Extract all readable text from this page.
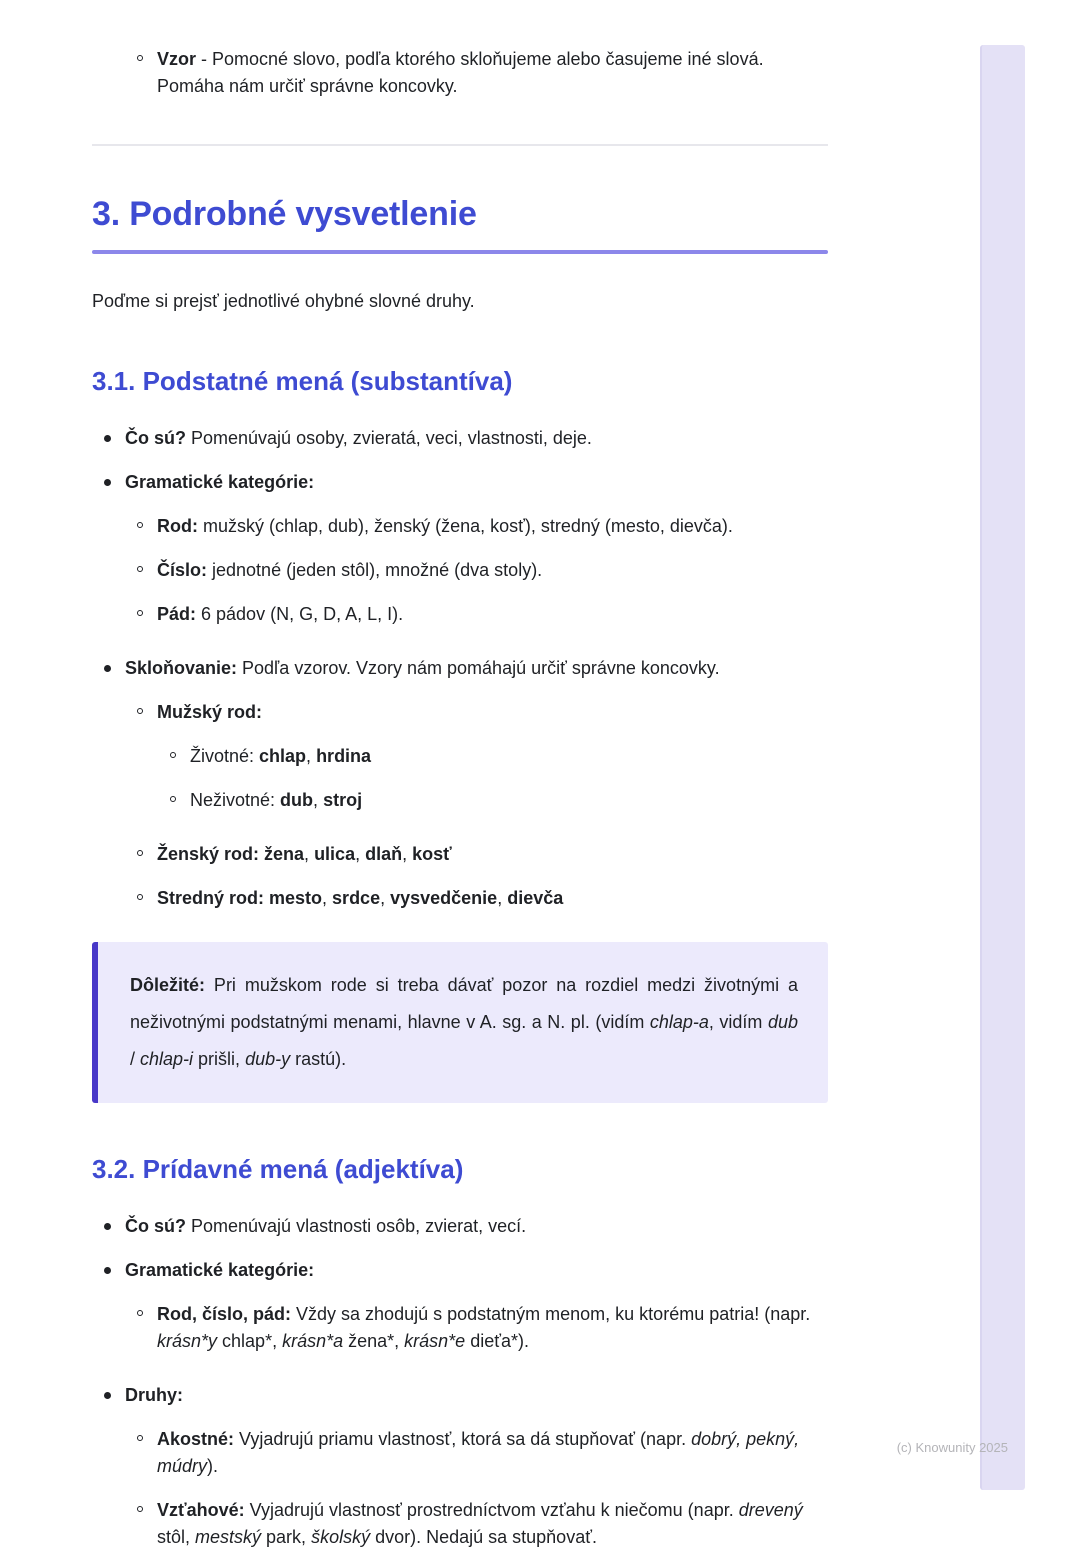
Vzor - Pomocné slovo, podľa ktorého skloňujeme alebo časujeme iné slová. Pomáha nám určiť správne koncovky.
3. Podrobné vysvetlenie

Poďme si prejsť jednotlivé ohybné slovné druhy.

3.1. Podstatné mená (substantíva)
Čo sú? Pomenúvajú osoby, zvieratá, veci, vlastnosti, deje.
Gramatické kategórie:
Rod: mužský (chlap, dub), ženský (žena, kosť), stredný (mesto, dievča).
Číslo: jednotné (jeden stôl), množné (dva stoly).
Pád: 6 pádov (N, G, D, A, L, I).
Skloňovanie: Podľa vzorov. Vzory nám pomáhajú určiť správne koncovky.
Mužský rod:
Životné: chlap, hrdina
Neživotné: dub, stroj
Ženský rod: žena, ulica, dlaň, kosť
Stredný rod: mesto, srdce, vysvedčenie, dievča
Dôležité: Pri mužskom rode si treba dávať pozor na rozdiel medzi životnými a neživotnými podstatnými menami, hlavne v A. sg. a N. pl. (vidím chlap-a, vidím dub / chlap-i prišli, dub-y rastú).
3.2. Prídavné mená (adjektíva)
Čo sú? Pomenúvajú vlastnosti osôb, zvierat, vecí.
Gramatické kategórie:
Rod, číslo, pád: Vždy sa zhodujú s podstatným menom, ku ktorému patria! (napr. krásn*y chlap*, krásn*a žena*, krásn*e dieťa*).
Druhy:
Akostné: Vyjadrujú priamu vlastnosť, ktorá sa dá stupňovať (napr. dobrý, pekný, múdry).
Vzťahové: Vyjadrujú vlastnosť prostredníctvom vzťahu k niečomu (napr. drevený stôl, mestský park, školský dvor). Nedajú sa stupňovať.
(c) Knowunity 2025
